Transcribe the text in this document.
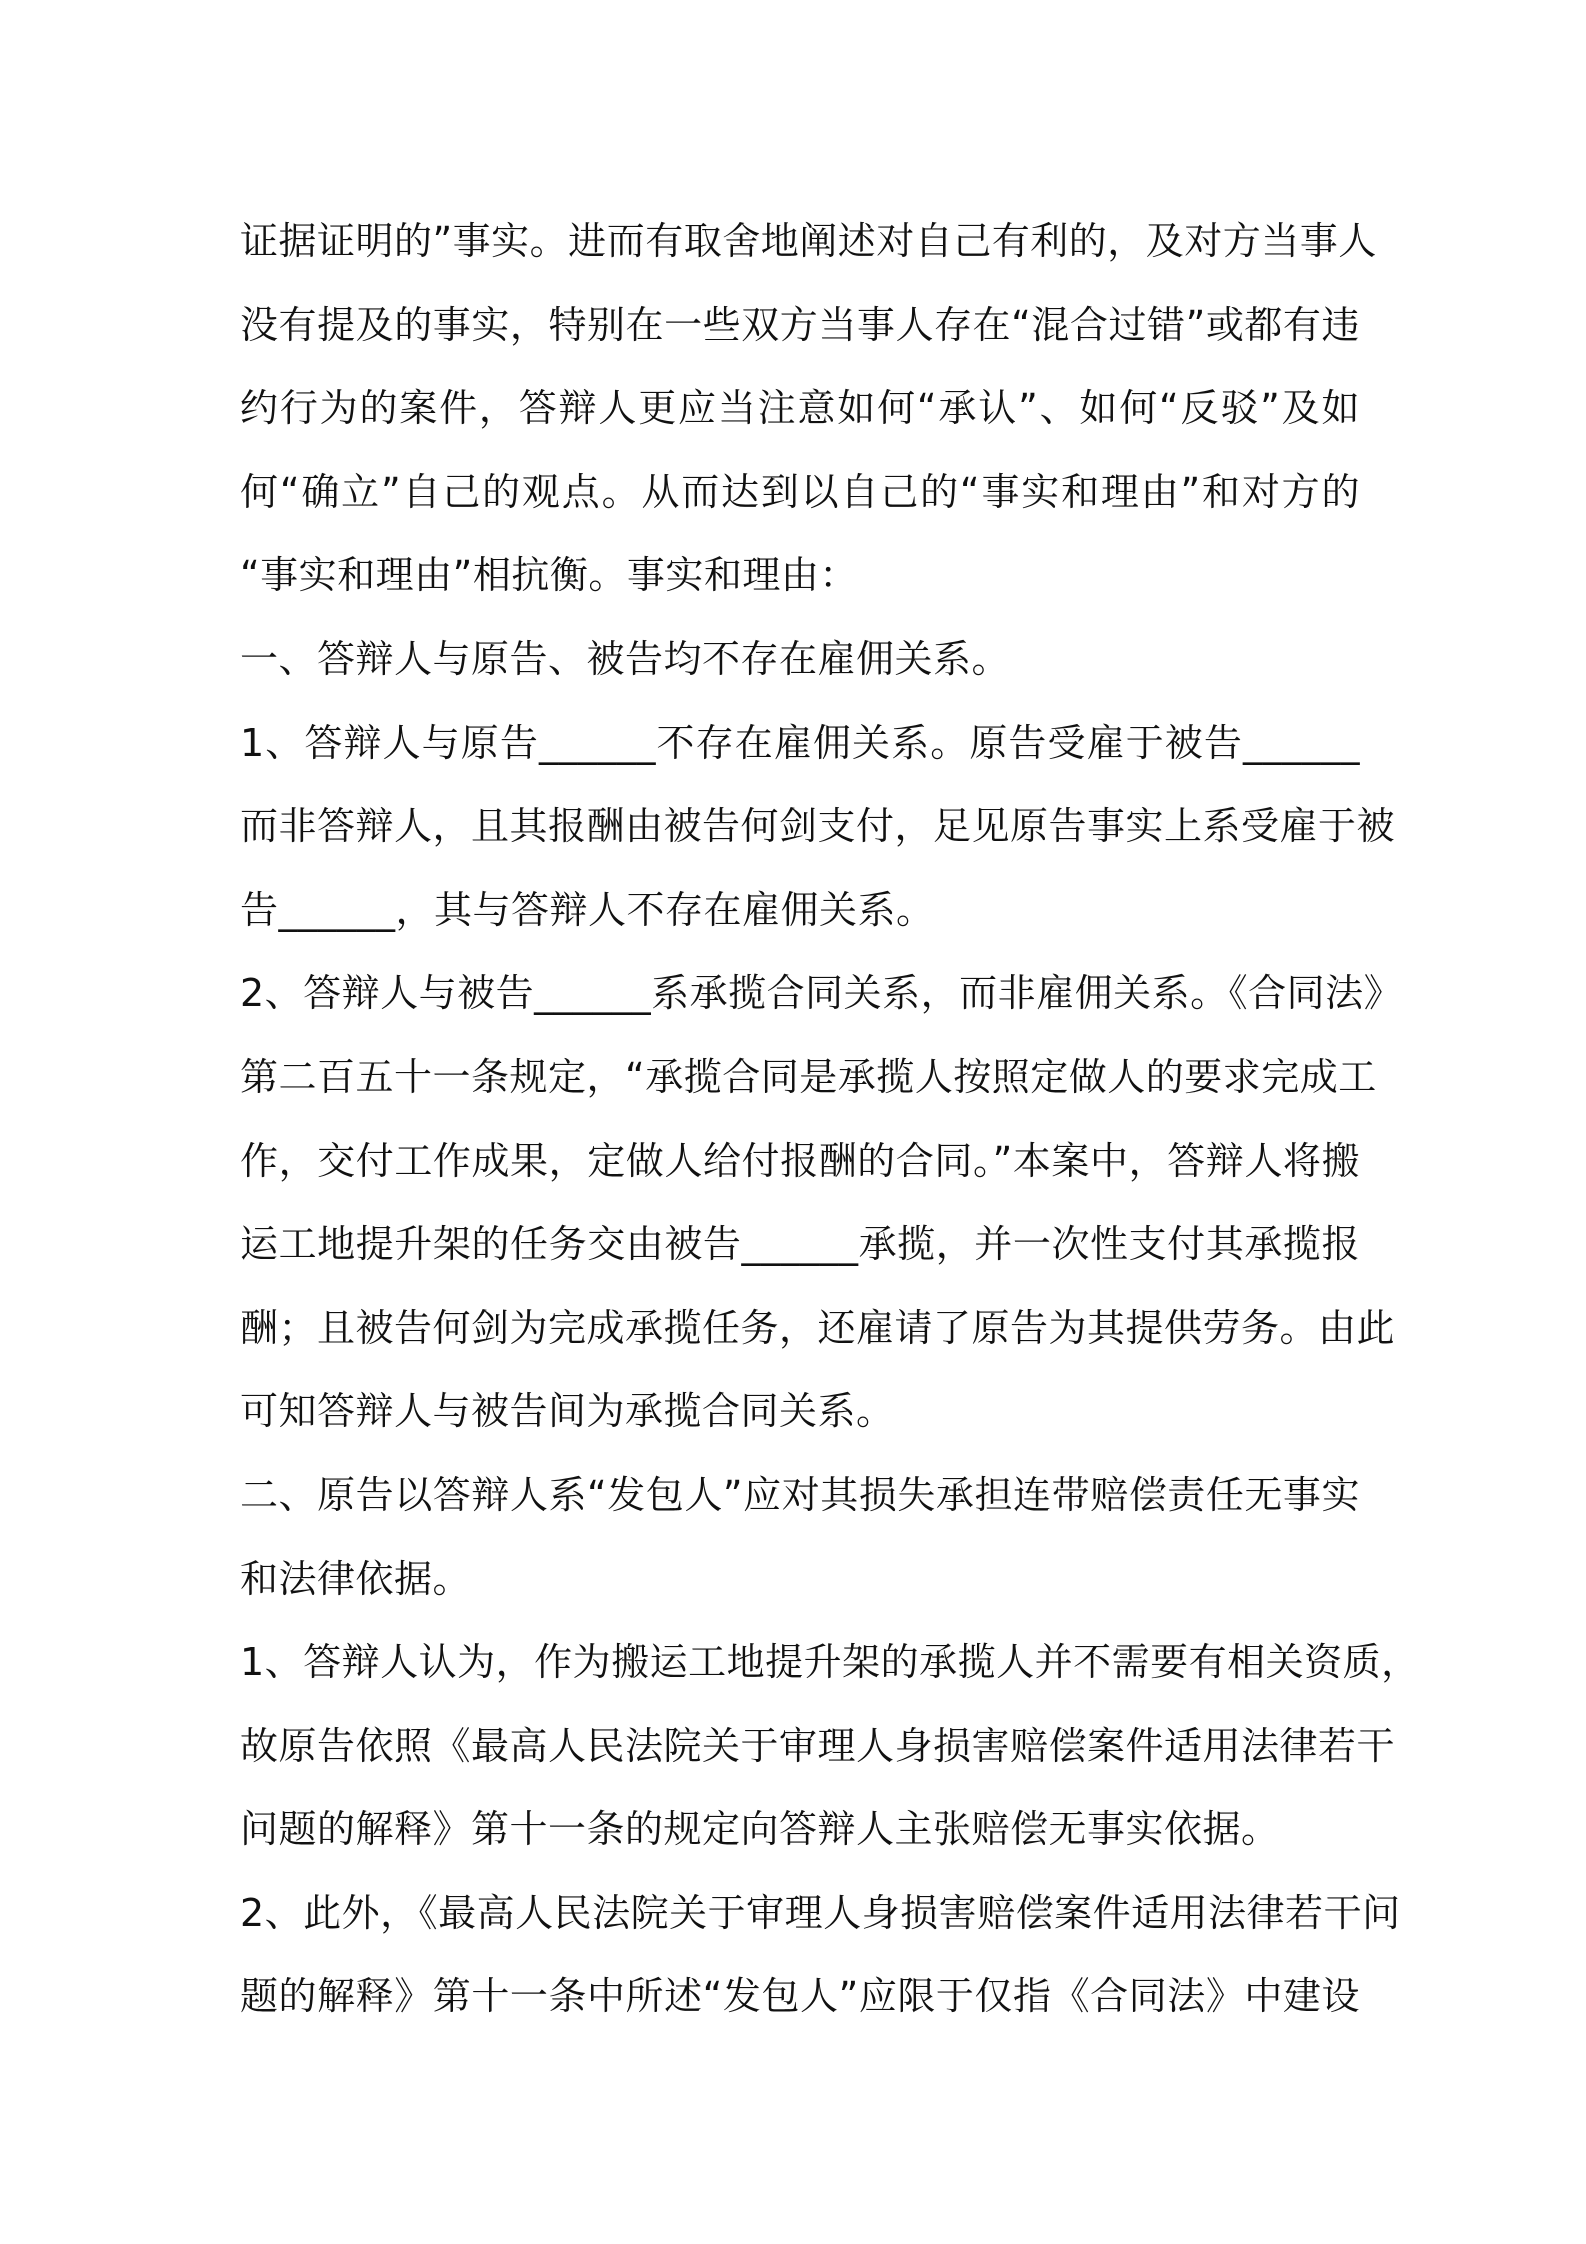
证据证明的”事实。进而有取舍地阐述对自己有利的，及对方当事人
没有提及的事实，特别在一些双方当事人存在“混合过错”或都有违
约行为的案件，答辩人更应当注意如何“承认”、如何“反驳”及如
何“确立”自己的观点。从而达到以自己的“事实和理由”和对方的
“事实和理由”相抗衡。事实和理由：
一、答辩人与原告、被告均不存在雇佣关系。
1、答辩人与原告______不存在雇佣关系。原告受雇于被告______
而非答辩人，且其报酬由被告何剑支付，足见原告事实上系受雇于被
告______，其与答辩人不存在雇佣关系。
2、答辩人与被告______系承揽合同关系，而非雇佣关系。《合同法》
第二百五十一条规定，“承揽合同是承揽人按照定做人的要求完成工
作，交付工作成果，定做人给付报酬的合同。”本案中，答辩人将搬
运工地提升架的任务交由被告______承揽，并一次性支付其承揽报
酬；且被告何剑为完成承揽任务，还雇请了原告为其提供劳务。由此
可知答辩人与被告间为承揽合同关系。
二、原告以答辩人系“发包人”应对其损失承担连带赔偿责任无事实
和法律依据。
1、答辩人认为，作为搬运工地提升架的承揽人并不需要有相关资质，
故原告依照《最高人民法院关于审理人身损害赔偿案件适用法律若干
问题的解释》第十一条的规定向答辩人主张赔偿无事实依据。
2、此外，《最高人民法院关于审理人身损害赔偿案件适用法律若干问
题的解释》第十一条中所述“发包人”应限于仅指《合同法》中建设
